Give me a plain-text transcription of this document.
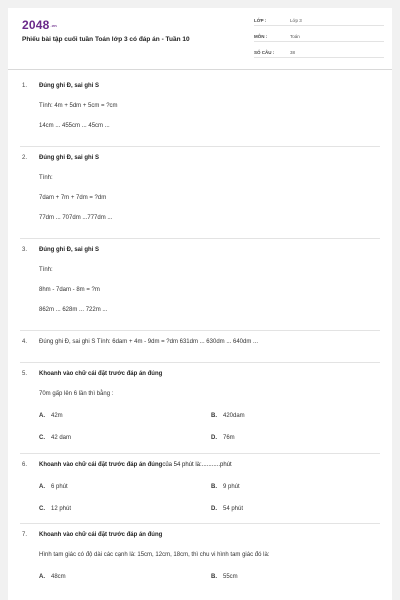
2048.vn
Phiếu bài tập cuối tuần Toán lớp 3 có đáp án - Tuần 10
LỚP :	Lớp 3
MÔN :	Toán
SỐ CÂU :	38
1. Đúng ghi Đ, sai ghi S
Tính: 4m + 5dm + 5cm = ?cm
14cm ... 455cm ... 45cm ...
2. Đúng ghi Đ, sai ghi S
Tính:
7dam + 7m + 7dm = ?dm
77dm ... 707dm ...777dm ...
3. Đúng ghi Đ, sai ghi S
Tính:
8hm - 7dam - 8m = ?m
862m ... 628m ... 722m ...
4. Đúng ghi Đ, sai ghi S Tính: 6dam + 4m - 9dm = ?dm 631dm ... 630dm ... 640dm ...
5. Khoanh vào chữ cái đặt trước đáp án đúng
70m gấp lên 6 lần thì bằng :
A. 42m	B. 420dam
C. 42 dam	D. 76m
6. Khoanh vào chữ cái đặt trước đáp án đúngcủa 54 phút là:...........phút
A. 6 phút	B. 9 phút
C. 12 phút	D. 54 phút
7. Khoanh vào chữ cái đặt trước đáp án đúng
Hình tam giác có độ dài các cạnh là: 15cm, 12cm, 18cm, thì chu vi hình tam giác đó là:
A. 48cm	B. 55cm
